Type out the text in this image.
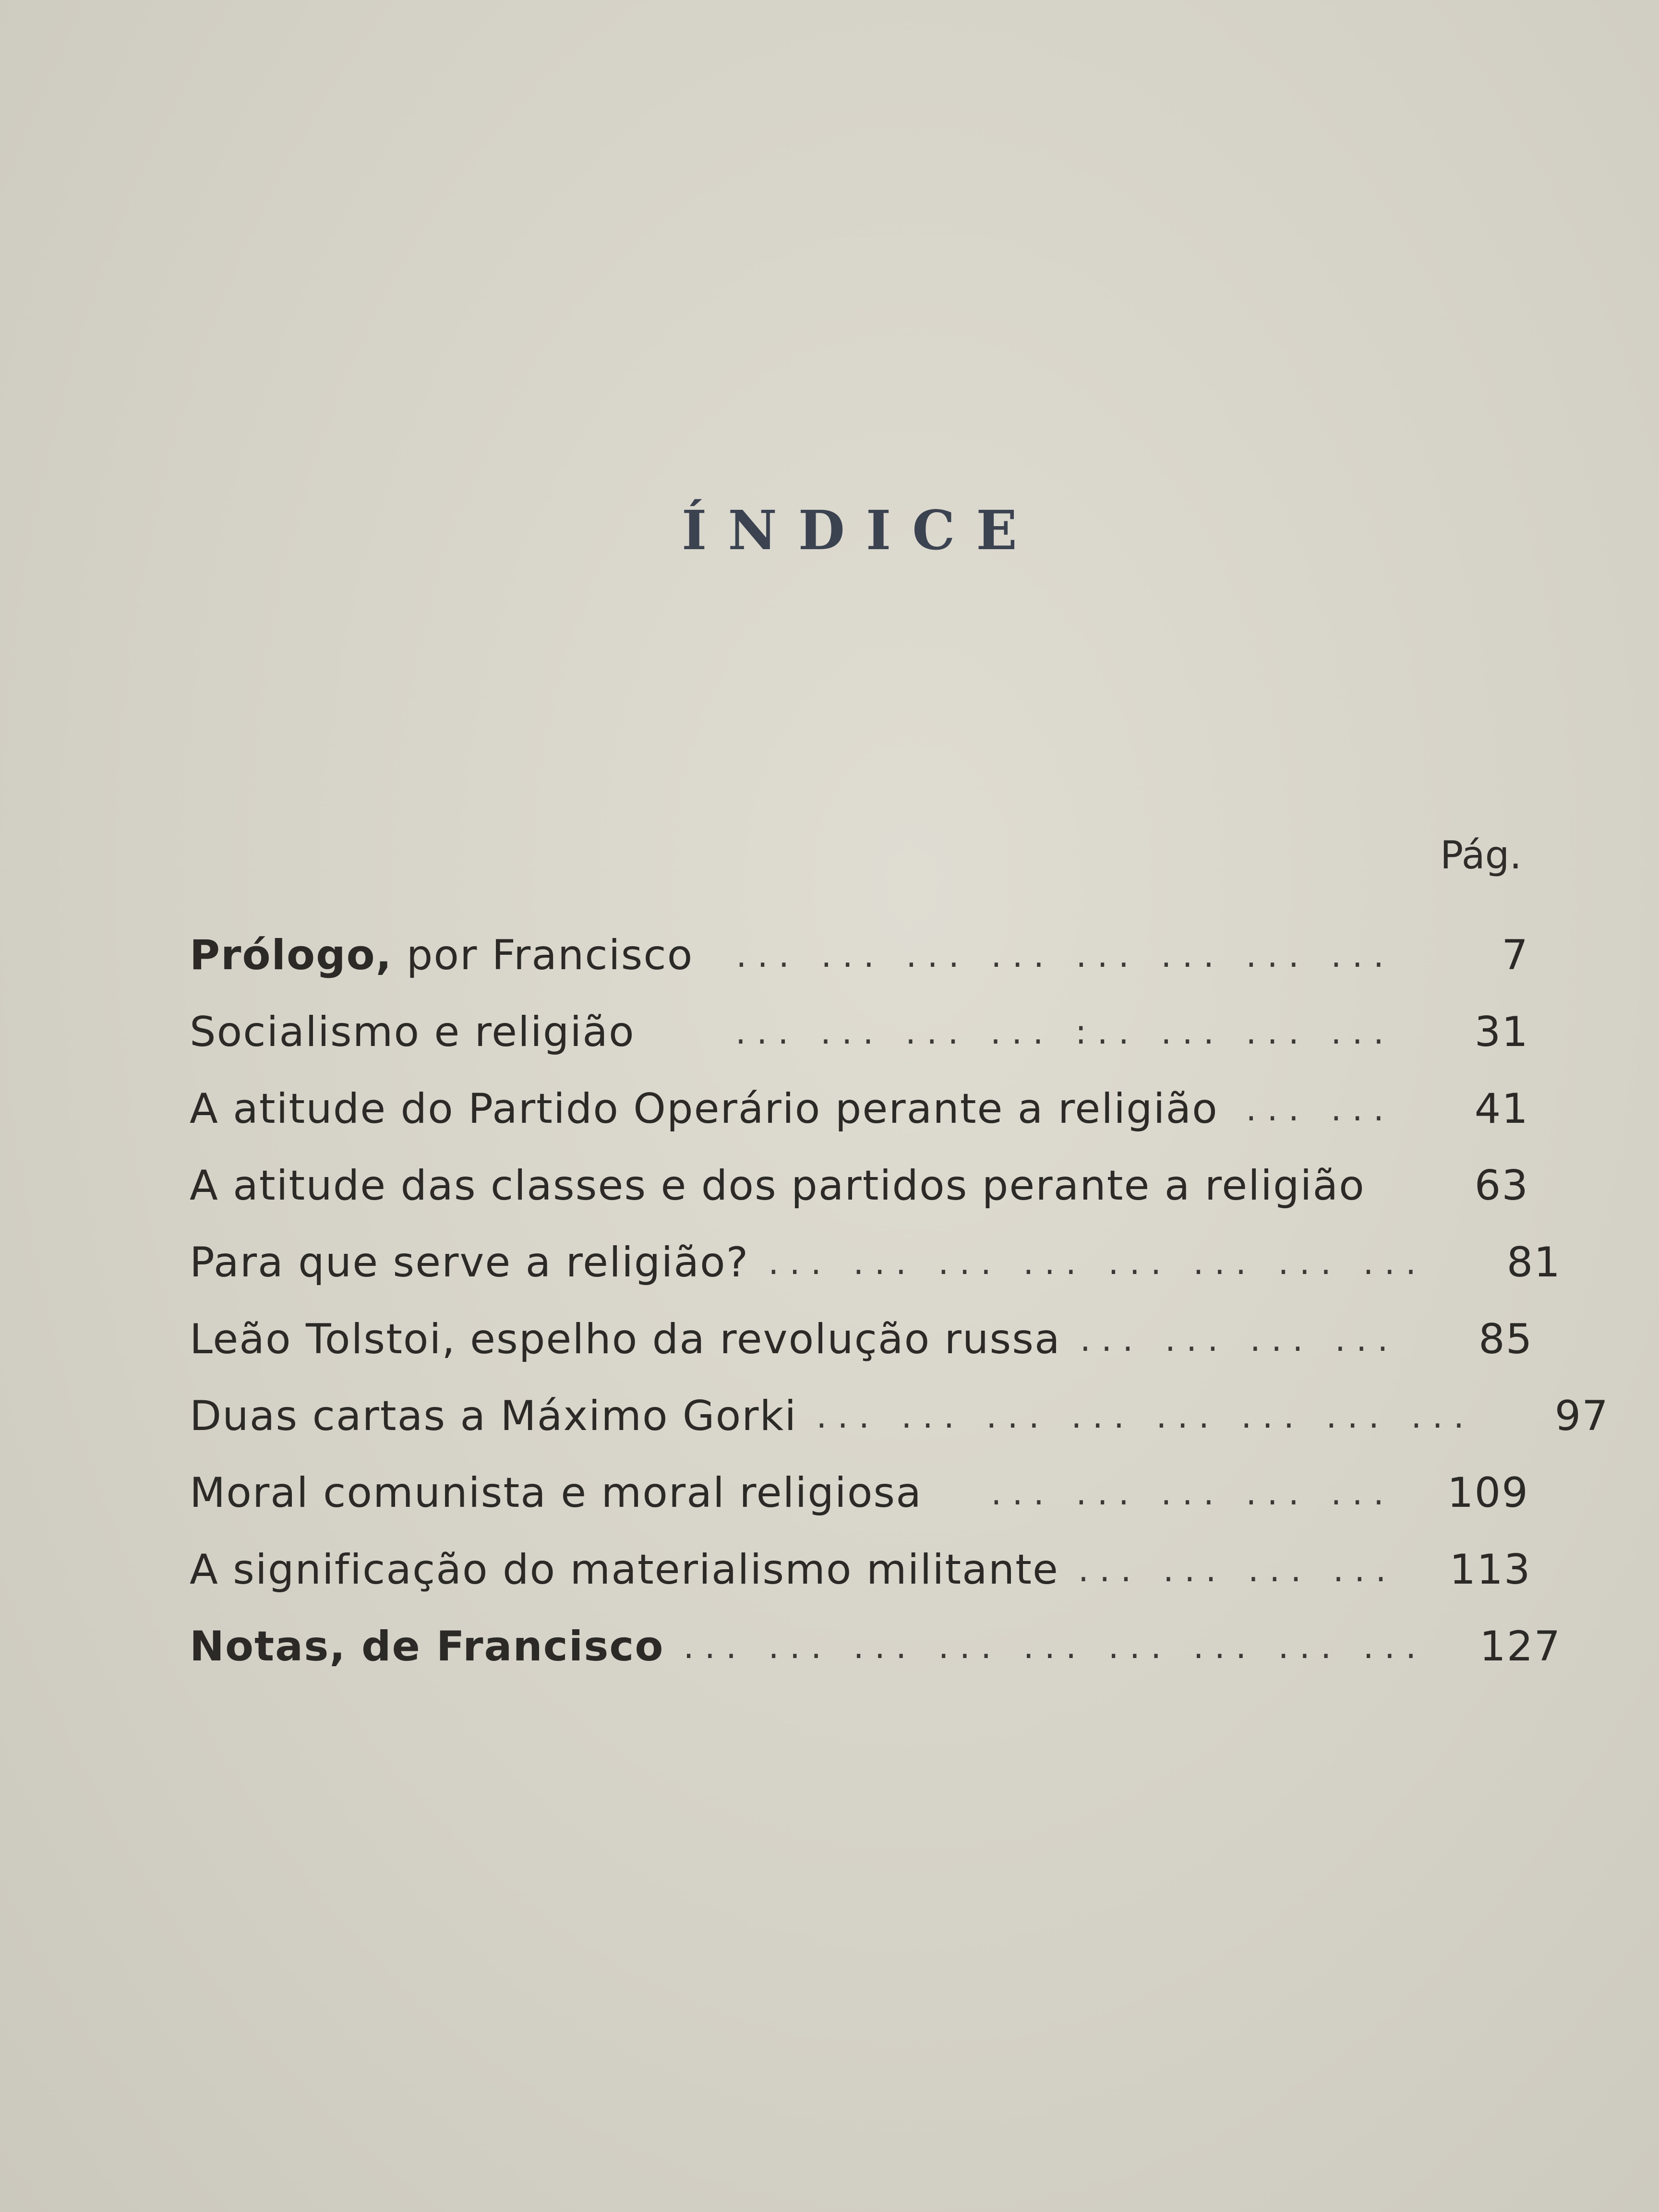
ÍNDICE
Pág.
Prólogo, por Francisco	... ... ... ... ... ... ... ...	7
Socialismo e religião	... ... ... ... :.. ... ... ...	31
A atitude do Partido Operário perante a religião ... ...	41
A atitude das classes e dos partidos perante a religião	63
Para que serve a religião? ... ... ... ... ... ... ... ...	81
Leão Tolstoi, espelho da revolução russa ... ... ... ...	85
Duas cartas a Máximo Gorki ... ... ... ... ... ... ... ...	97
Moral comunista e moral religiosa	... ... ... ... ... 109
A significação do materialismo militante ... ... ... ... 113
Notas, de Francisco ... ... ... ... ... ... ... ... ... 127
